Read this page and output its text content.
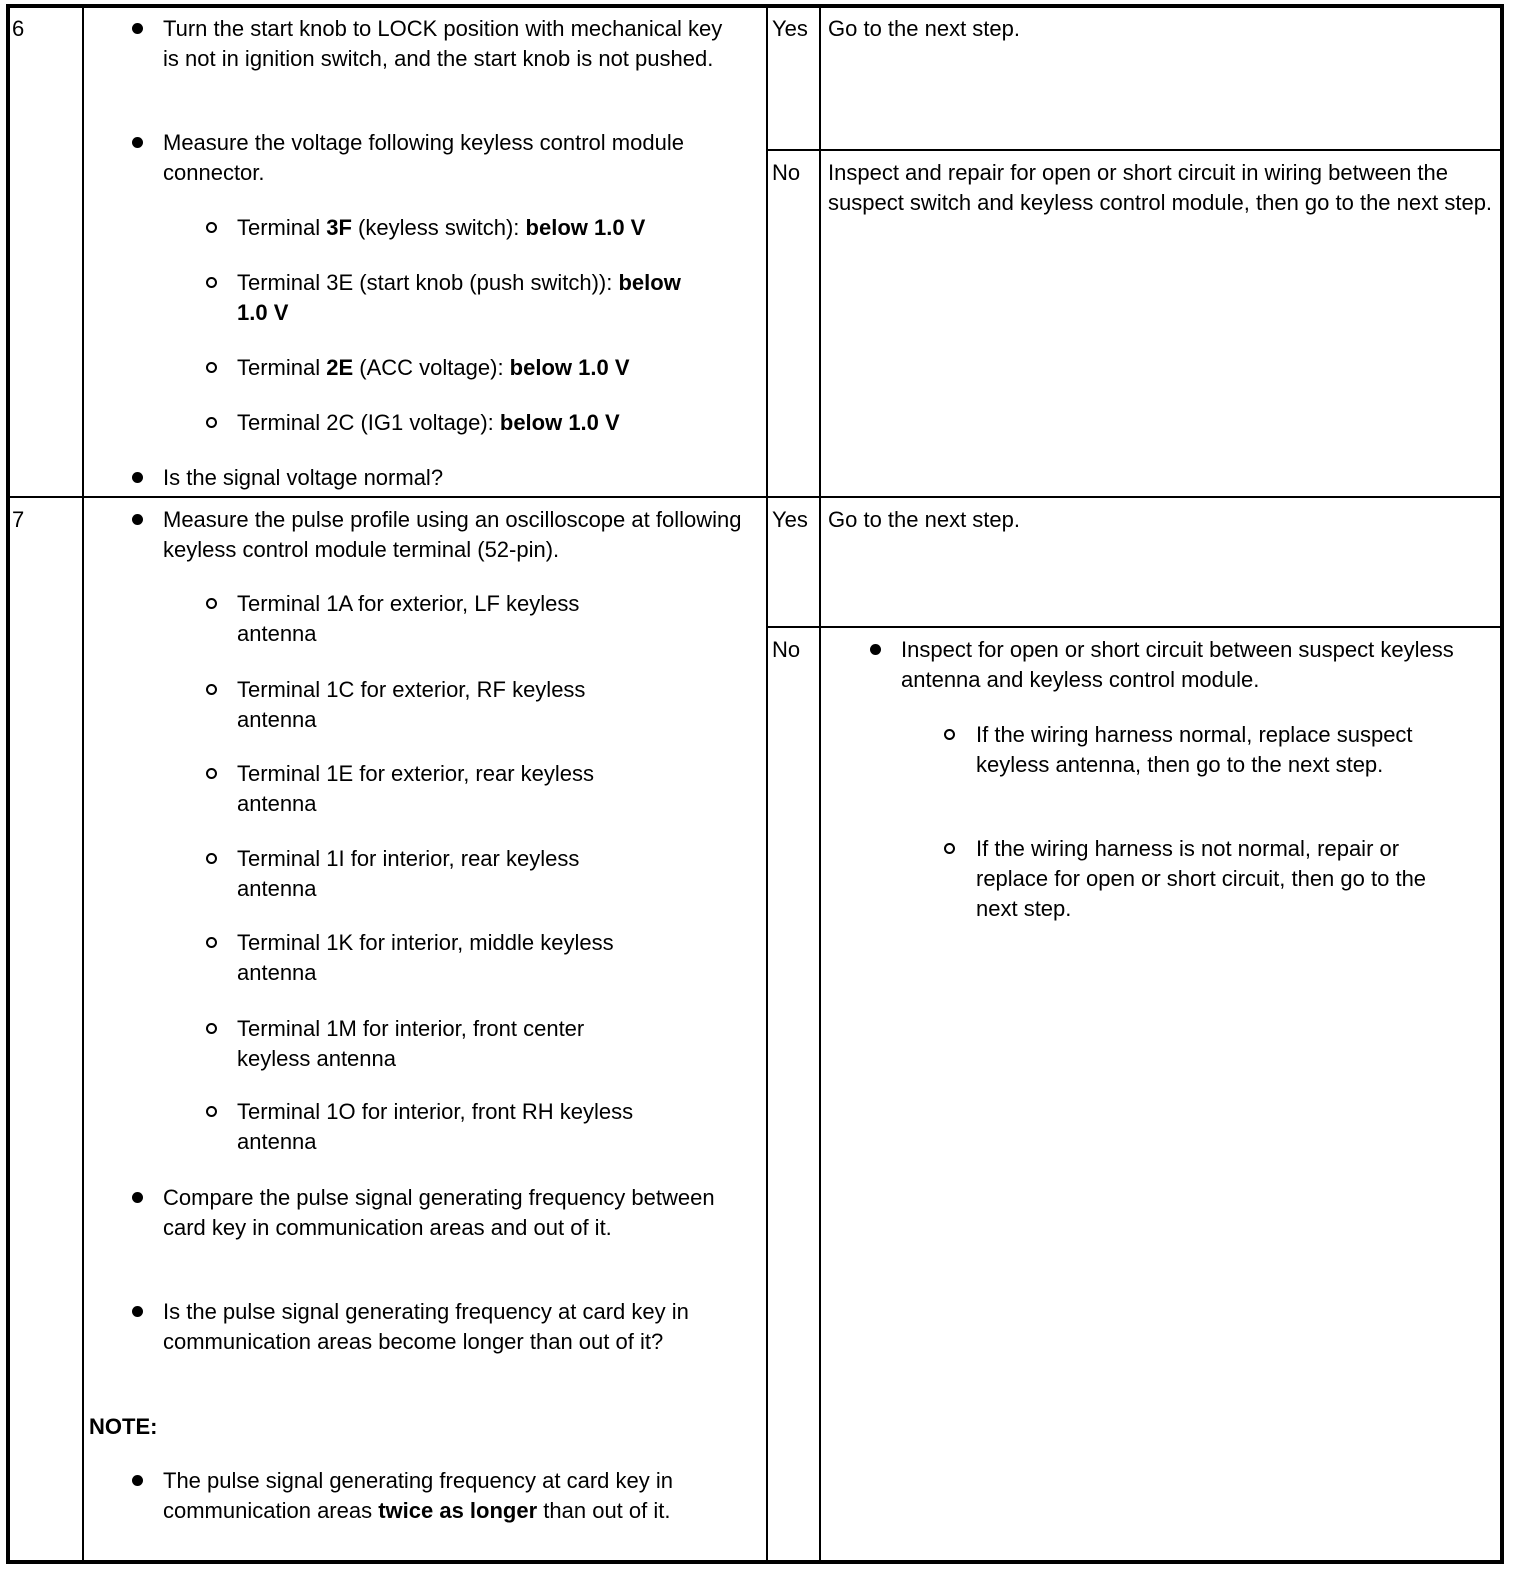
6	Turn the start knob to LOCK position with mechanical key is not in ignition switch, and the start knob is not pushed.
Measure the voltage following keyless control module connector.
Terminal 3F (keyless switch): below 1.0 V
Terminal 3E (start knob (push switch)): below 1.0 V
Terminal 2E (ACC voltage): below 1.0 V
Terminal 2C (IG1 voltage): below 1.0 V
Is the signal voltage normal?
Yes Go to the next step.
No Inspect and repair for open or short circuit in wiring between the suspect switch and keyless control module, then go to the next step.
7	Measure the pulse profile using an oscilloscope at following keyless control module terminal (52-pin).
Terminal 1A for exterior, LF keyless antenna
Terminal 1C for exterior, RF keyless antenna
Terminal 1E for exterior, rear keyless antenna
Terminal 1I for interior, rear keyless antenna
Terminal 1K for interior, middle keyless antenna
Terminal 1M for interior, front center keyless antenna
Terminal 1O for interior, front RH keyless antenna
Compare the pulse signal generating frequency between card key in communication areas and out of it.
Is the pulse signal generating frequency at card key in communication areas become longer than out of it?
NOTE:
The pulse signal generating frequency at card key in communication areas twice as longer than out of it.
Yes Go to the next step.
No	Inspect for open or short circuit between suspect keyless antenna and keyless control module.
If the wiring harness normal, replace suspect keyless antenna, then go to the next step.
If the wiring harness is not normal, repair or replace for open or short circuit, then go to the next step.
